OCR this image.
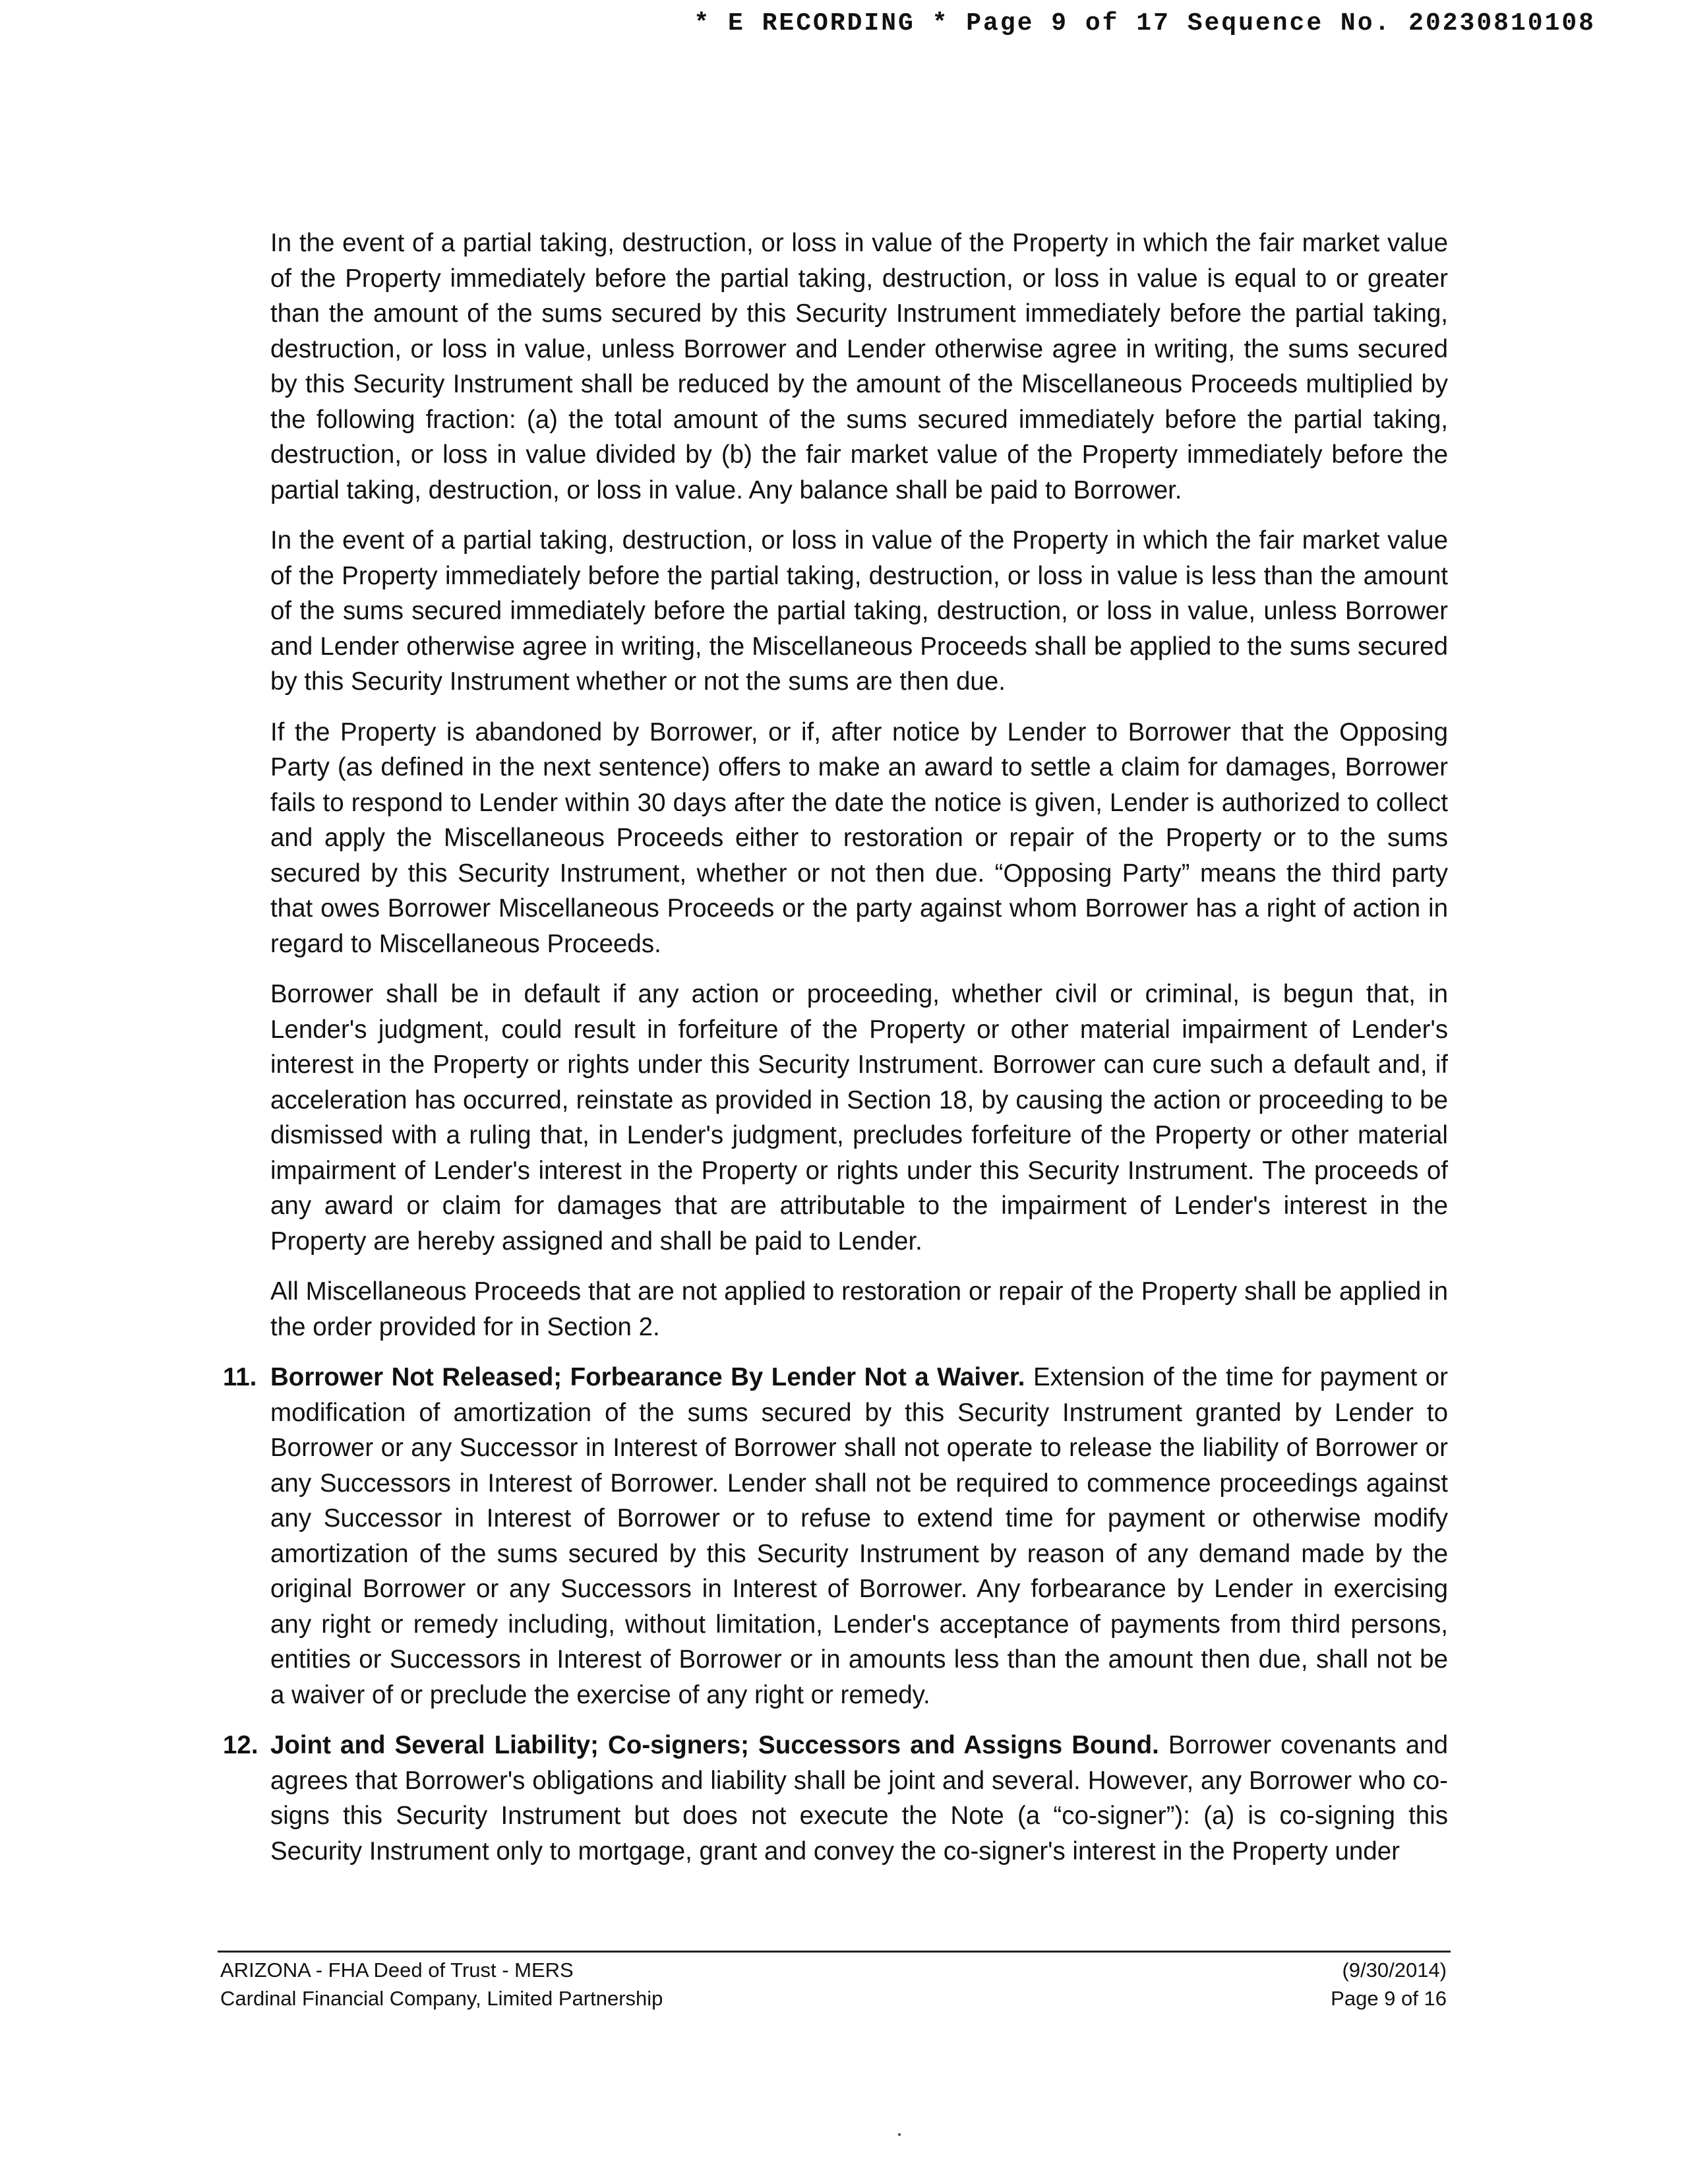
* E RECORDING * Page 9 of 17 Sequence No. 20230810108

In the event of a partial taking, destruction, or loss in value of the Property in which the fair market value of the Property immediately before the partial taking, destruction, or loss in value is equal to or greater than the amount of the sums secured by this Security Instrument immediately before the partial taking, destruction, or loss in value, unless Borrower and Lender otherwise agree in writing, the sums secured by this Security Instrument shall be reduced by the amount of the Miscellaneous Proceeds multiplied by the following fraction: (a) the total amount of the sums secured immediately before the partial taking, destruction, or loss in value divided by (b) the fair market value of the Property immediately before the partial taking, destruction, or loss in value. Any balance shall be paid to Borrower.

In the event of a partial taking, destruction, or loss in value of the Property in which the fair market value of the Property immediately before the partial taking, destruction, or loss in value is less than the amount of the sums secured immediately before the partial taking, destruction, or loss in value, unless Borrower and Lender otherwise agree in writing, the Miscellaneous Proceeds shall be applied to the sums secured by this Security Instrument whether or not the sums are then due.

If the Property is abandoned by Borrower, or if, after notice by Lender to Borrower that the Opposing Party (as defined in the next sentence) offers to make an award to settle a claim for damages, Borrower fails to respond to Lender within 30 days after the date the notice is given, Lender is authorized to collect and apply the Miscellaneous Proceeds either to restoration or repair of the Property or to the sums secured by this Security Instrument, whether or not then due. “Opposing Party” means the third party that owes Borrower Miscellaneous Proceeds or the party against whom Borrower has a right of action in regard to Miscellaneous Proceeds.

Borrower shall be in default if any action or proceeding, whether civil or criminal, is begun that, in Lender's judgment, could result in forfeiture of the Property or other material impairment of Lender's interest in the Property or rights under this Security Instrument. Borrower can cure such a default and, if acceleration has occurred, reinstate as provided in Section 18, by causing the action or proceeding to be dismissed with a ruling that, in Lender's judgment, precludes forfeiture of the Property or other material impairment of Lender's interest in the Property or rights under this Security Instrument. The proceeds of any award or claim for damages that are attributable to the impairment of Lender's interest in the Property are hereby assigned and shall be paid to Lender.

All Miscellaneous Proceeds that are not applied to restoration or repair of the Property shall be applied in the order provided for in Section 2.

11. Borrower Not Released; Forbearance By Lender Not a Waiver. Extension of the time for payment or modification of amortization of the sums secured by this Security Instrument granted by Lender to Borrower or any Successor in Interest of Borrower shall not operate to release the liability of Borrower or any Successors in Interest of Borrower. Lender shall not be required to commence proceedings against any Successor in Interest of Borrower or to refuse to extend time for payment or otherwise modify amortization of the sums secured by this Security Instrument by reason of any demand made by the original Borrower or any Successors in Interest of Borrower. Any forbearance by Lender in exercising any right or remedy including, without limitation, Lender's acceptance of payments from third persons, entities or Successors in Interest of Borrower or in amounts less than the amount then due, shall not be a waiver of or preclude the exercise of any right or remedy.
12. Joint and Several Liability; Co-signers; Successors and Assigns Bound. Borrower covenants and agrees that Borrower's obligations and liability shall be joint and several. However, any Borrower who co-signs this Security Instrument but does not execute the Note (a “co-signer”): (a) is co-signing this Security Instrument only to mortgage, grant and convey the co-signer's interest in the Property under
ARIZONA - FHA Deed of Trust - MERS
Cardinal Financial Company, Limited Partnership
(9/30/2014)
Page 9 of 16
